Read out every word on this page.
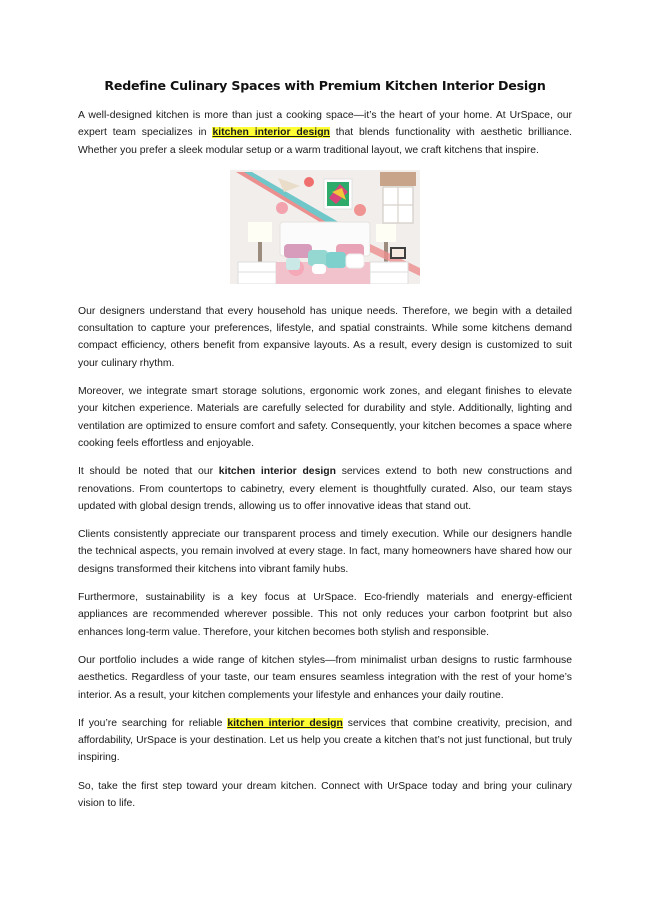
Redefine Culinary Spaces with Premium Kitchen Interior Design

A well-designed kitchen is more than just a cooking space—it’s the heart of your home. At UrSpace, our expert team specializes in kitchen interior design that blends functionality with aesthetic brilliance. Whether you prefer a sleek modular setup or a warm traditional layout, we craft kitchens that inspire.

Our designers understand that every household has unique needs. Therefore, we begin with a detailed consultation to capture your preferences, lifestyle, and spatial constraints. While some kitchens demand compact efficiency, others benefit from expansive layouts. As a result, every design is customized to suit your culinary rhythm.

Moreover, we integrate smart storage solutions, ergonomic work zones, and elegant finishes to elevate your kitchen experience. Materials are carefully selected for durability and style. Additionally, lighting and ventilation are optimized to ensure comfort and safety. Consequently, your kitchen becomes a space where cooking feels effortless and enjoyable.

It should be noted that our kitchen interior design services extend to both new constructions and renovations. From countertops to cabinetry, every element is thoughtfully curated. Also, our team stays updated with global design trends, allowing us to offer innovative ideas that stand out.

Clients consistently appreciate our transparent process and timely execution. While our designers handle the technical aspects, you remain involved at every stage. In fact, many homeowners have shared how our designs transformed their kitchens into vibrant family hubs.

Furthermore, sustainability is a key focus at UrSpace. Eco-friendly materials and energy-efficient appliances are recommended wherever possible. This not only reduces your carbon footprint but also enhances long-term value. Therefore, your kitchen becomes both stylish and responsible.

Our portfolio includes a wide range of kitchen styles—from minimalist urban designs to rustic farmhouse aesthetics. Regardless of your taste, our team ensures seamless integration with the rest of your home’s interior. As a result, your kitchen complements your lifestyle and enhances your daily routine.

If you’re searching for reliable kitchen interior design services that combine creativity, precision, and affordability, UrSpace is your destination. Let us help you create a kitchen that’s not just functional, but truly inspiring.

So, take the first step toward your dream kitchen. Connect with UrSpace today and bring your culinary vision to life.
